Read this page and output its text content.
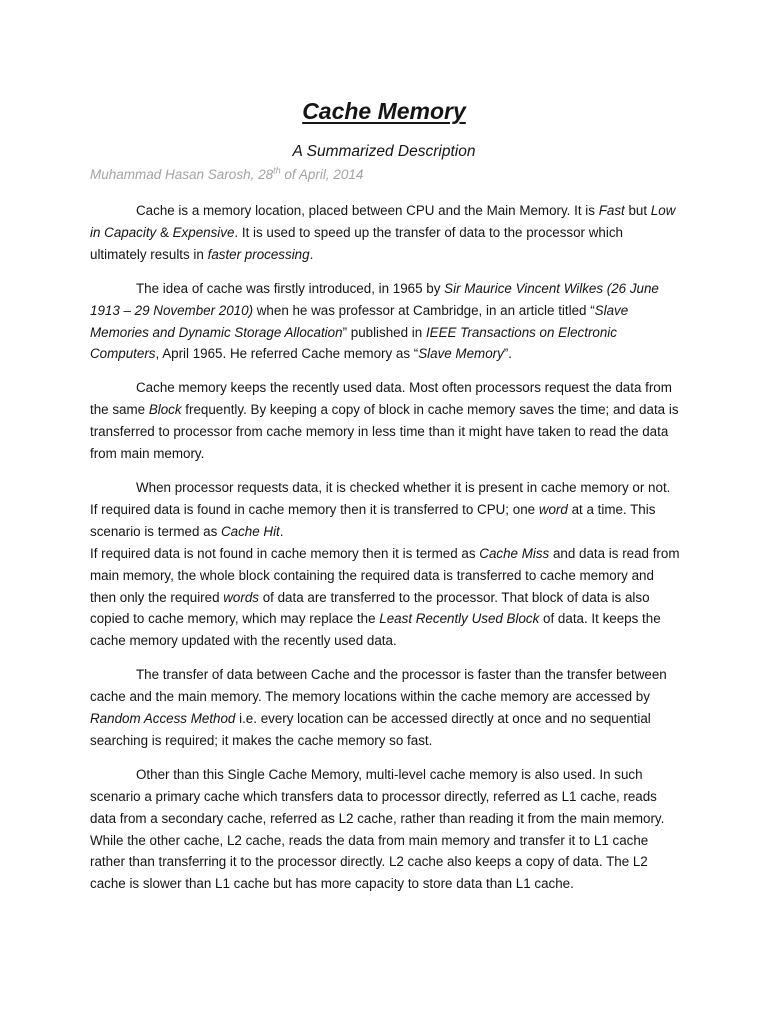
Cache Memory
A Summarized Description
Muhammad Hasan Sarosh, 28th of April, 2014

Cache is a memory location, placed between CPU and the Main Memory. It is Fast but Low in Capacity & Expensive. It is used to speed up the transfer of data to the processor which ultimately results in faster processing.

The idea of cache was firstly introduced, in 1965 by Sir Maurice Vincent Wilkes (26 June 1913 – 29 November 2010) when he was professor at Cambridge, in an article titled “Slave Memories and Dynamic Storage Allocation” published in IEEE Transactions on Electronic Computers, April 1965. He referred Cache memory as “Slave Memory”.

Cache memory keeps the recently used data. Most often processors request the data from the same Block frequently. By keeping a copy of block in cache memory saves the time; and data is transferred to processor from cache memory in less time than it might have taken to read the data from main memory.

When processor requests data, it is checked whether it is present in cache memory or not. If required data is found in cache memory then it is transferred to CPU; one word at a time. This scenario is termed as Cache Hit.

If required data is not found in cache memory then it is termed as Cache Miss and data is read from main memory, the whole block containing the required data is transferred to cache memory and then only the required words of data are transferred to the processor. That block of data is also copied to cache memory, which may replace the Least Recently Used Block of data. It keeps the cache memory updated with the recently used data.

The transfer of data between Cache and the processor is faster than the transfer between cache and the main memory. The memory locations within the cache memory are accessed by Random Access Method i.e. every location can be accessed directly at once and no sequential searching is required; it makes the cache memory so fast.

Other than this Single Cache Memory, multi-level cache memory is also used. In such scenario a primary cache which transfers data to processor directly, referred as L1 cache, reads data from a secondary cache, referred as L2 cache, rather than reading it from the main memory. While the other cache, L2 cache, reads the data from main memory and transfer it to L1 cache rather than transferring it to the processor directly. L2 cache also keeps a copy of data. The L2 cache is slower than L1 cache but has more capacity to store data than L1 cache.
